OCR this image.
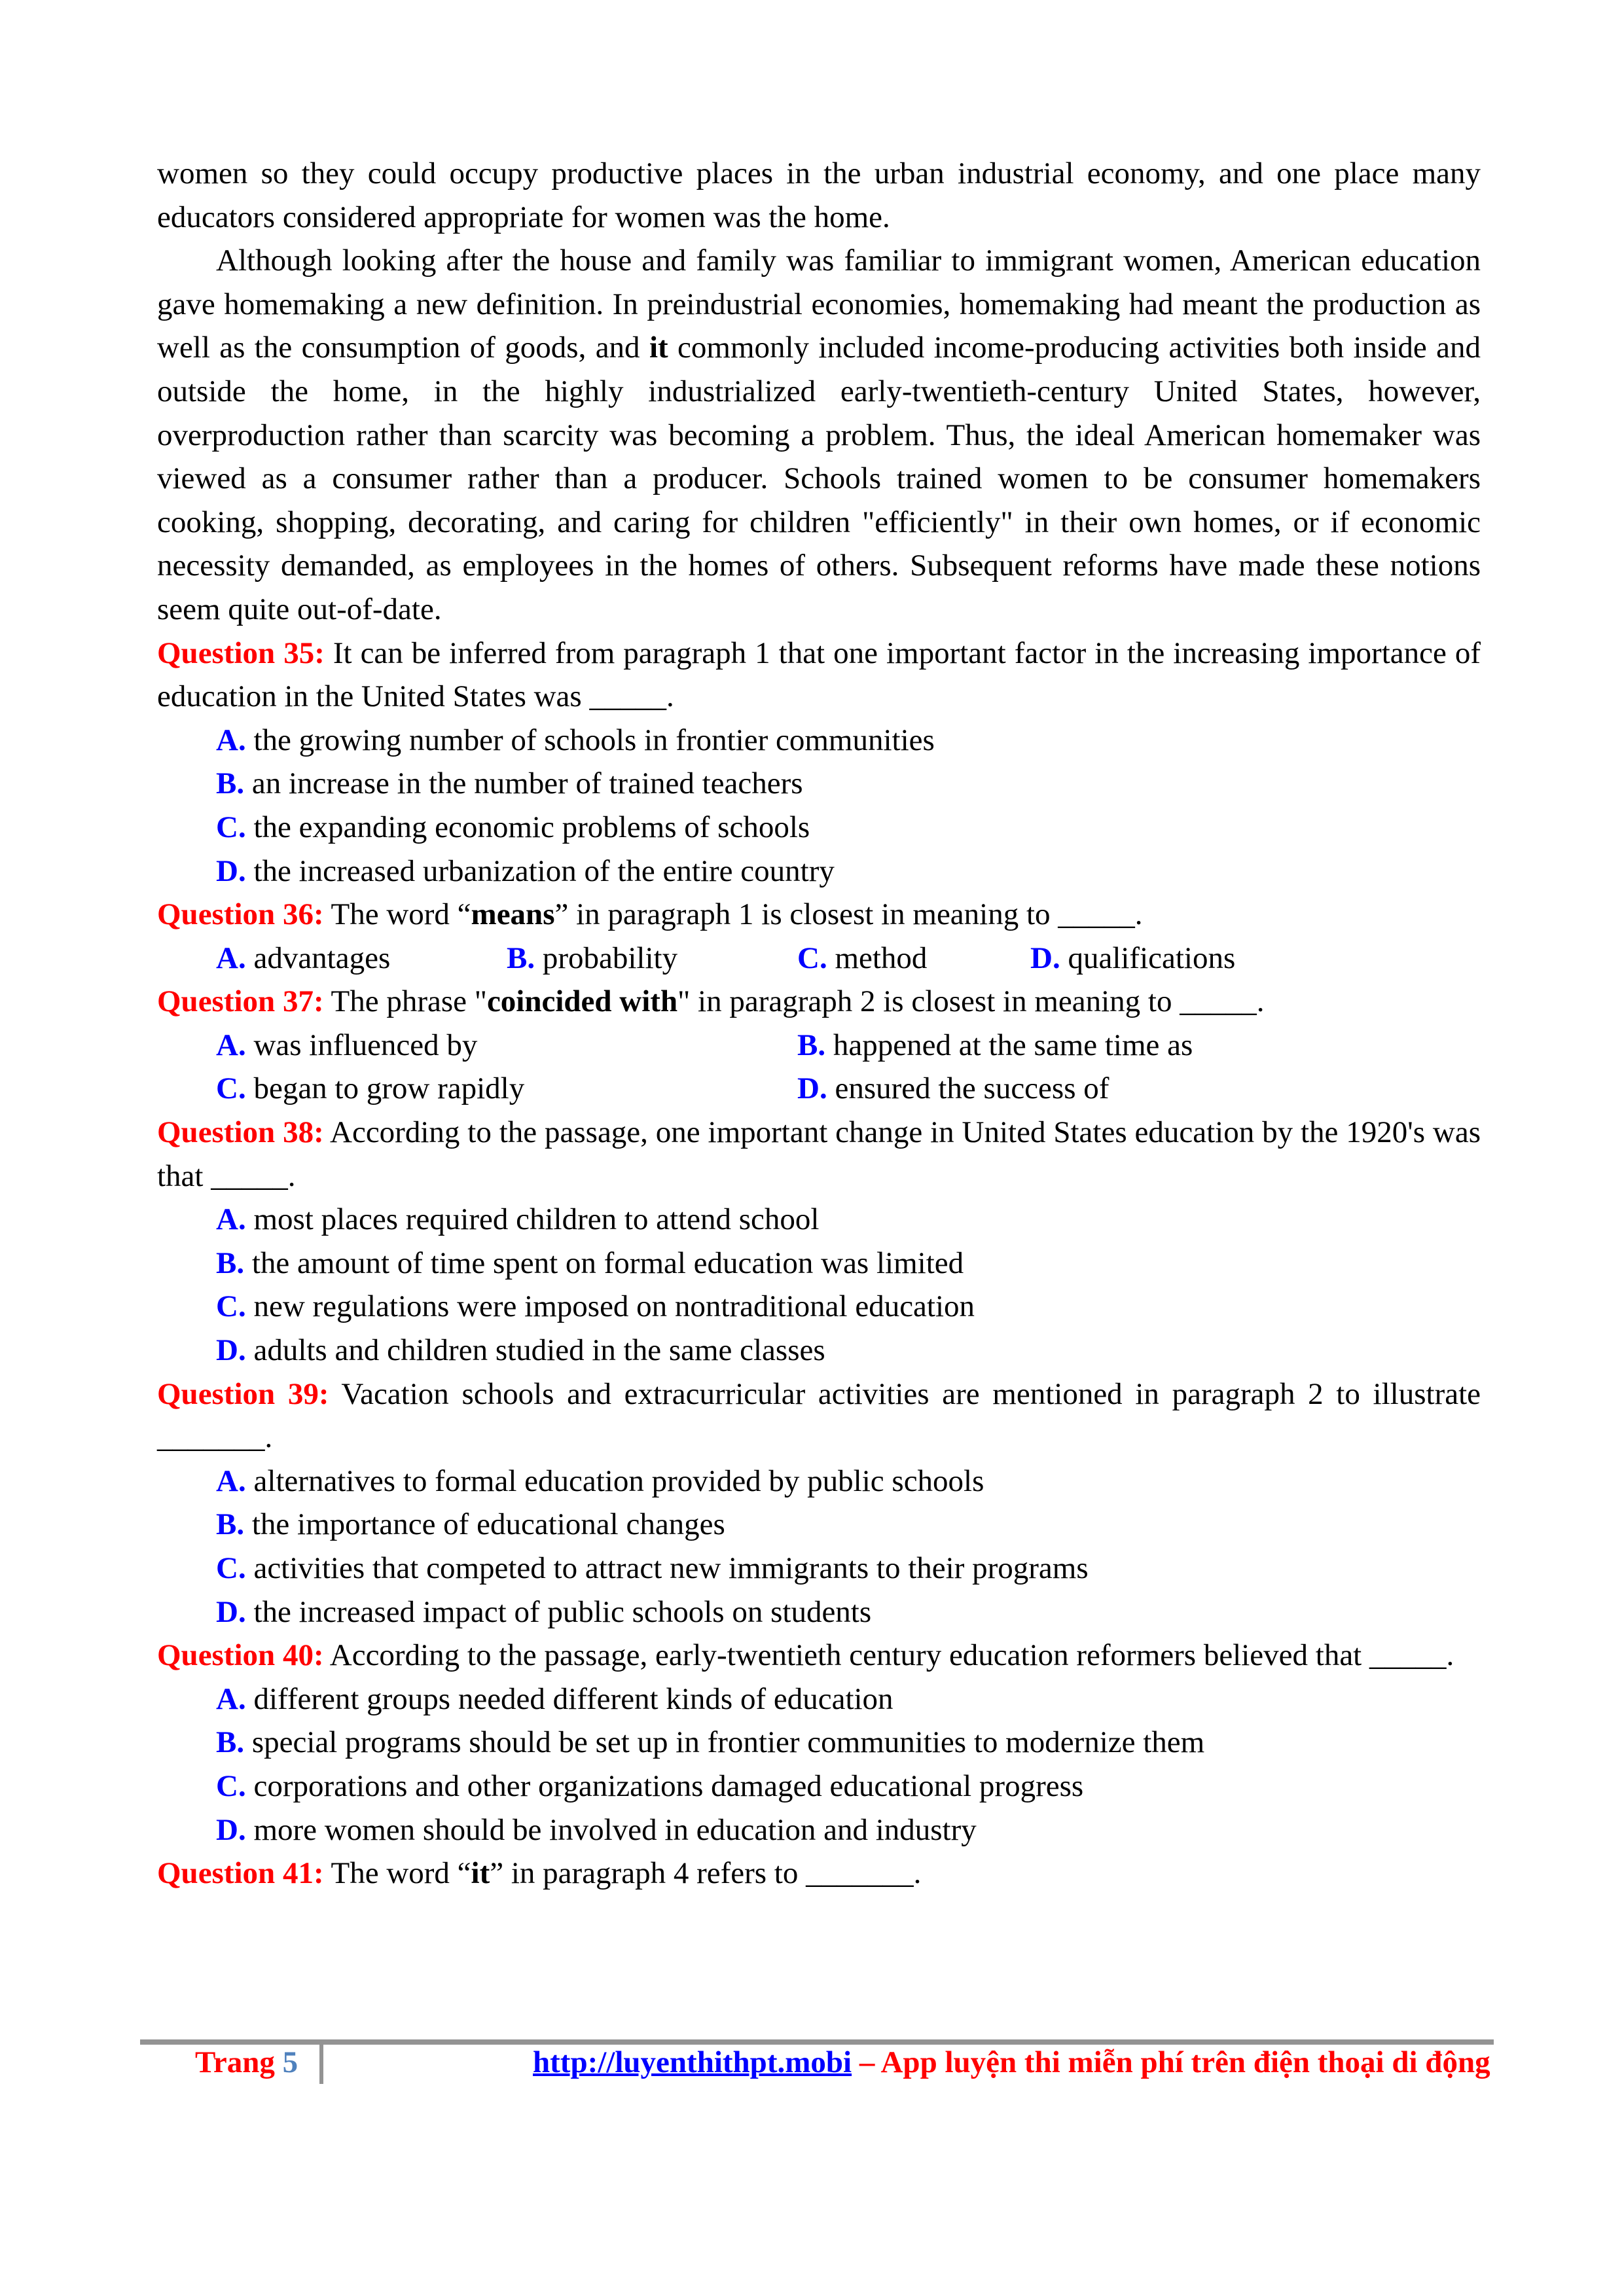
women so they could occupy productive places in the urban industrial economy, and one place many educators considered appropriate for women was the home.

Although looking after the house and family was familiar to immigrant women, American education gave homemaking a new definition. In preindustrial economies, homemaking had meant the production as well as the consumption of goods, and it commonly included income-producing activities both inside and outside the home, in the highly industrialized early-twentieth-century United States, however, overproduction rather than scarcity was becoming a problem. Thus, the ideal American homemaker was viewed as a consumer rather than a producer. Schools trained women to be consumer homemakers cooking, shopping, decorating, and caring for children "efficiently" in their own homes, or if economic necessity demanded, as employees in the homes of others. Subsequent reforms have made these notions seem quite out-of-date.

Question 35: It can be inferred from paragraph 1 that one important factor in the increasing importance of education in the United States was _____.

A. the growing number of schools in frontier communities
B. an increase in the number of trained teachers
C. the expanding economic problems of schools
D. the increased urbanization of the entire country

Question 36: The word “means” in paragraph 1 is closest in meaning to _____.

A. advantages	B. probability	C. method	D. qualifications

Question 37: The phrase "coincided with" in paragraph 2 is closest in meaning to _____.

A. was influenced by	B. happened at the same time as
C. began to grow rapidly	D. ensured the success of

Question 38: According to the passage, one important change in United States education by the 1920's was that _____.

A. most places required children to attend school
B. the amount of time spent on formal education was limited
C. new regulations were imposed on nontraditional education
D. adults and children studied in the same classes

Question 39: Vacation schools and extracurricular activities are mentioned in paragraph 2 to illustrate _______.

A. alternatives to formal education provided by public schools
B. the importance of educational changes
C. activities that competed to attract new immigrants to their programs
D. the increased impact of public schools on students

Question 40: According to the passage, early-twentieth century education reformers believed that _____.

A. different groups needed different kinds of education
B. special programs should be set up in frontier communities to modernize them
C. corporations and other organizations damaged educational progress
D. more women should be involved in education and industry

Question 41: The word “it” in paragraph 4 refers to _______.

Trang 5	http://luyenthithpt.mobi – App luyện thi miễn phí trên điện thoại di động
